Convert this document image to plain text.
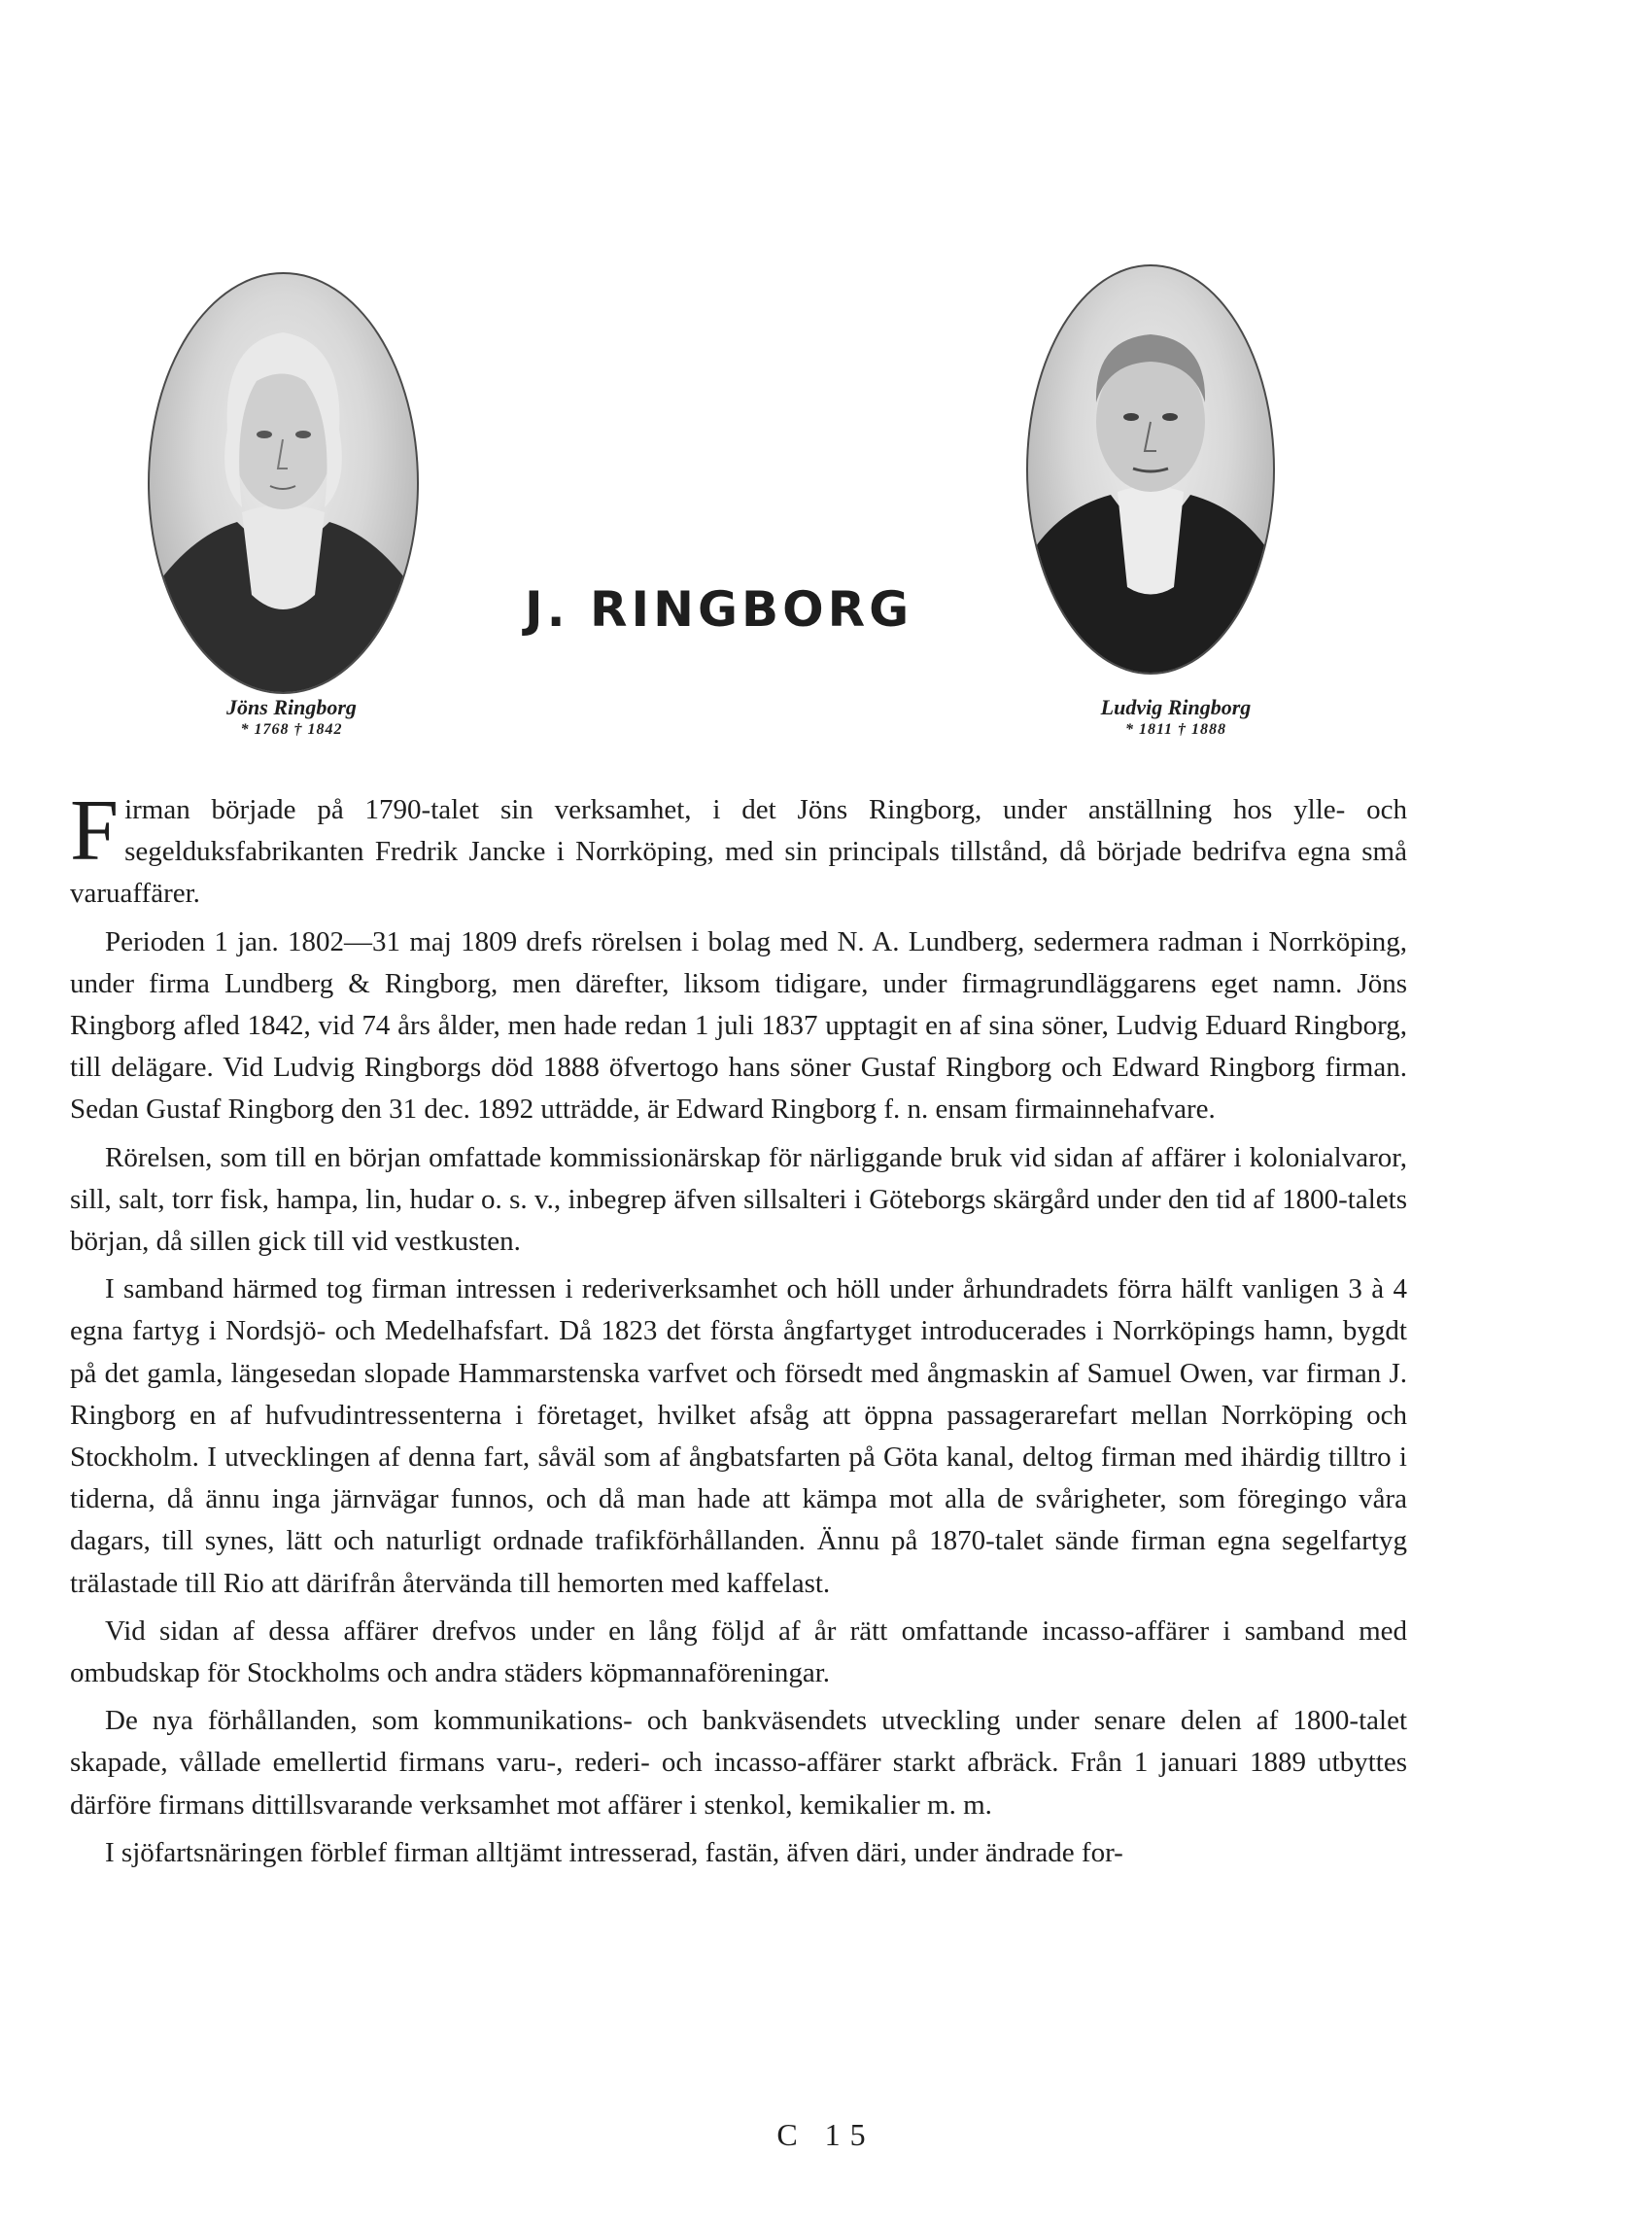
J. RINGBORG
Jöns Ringborg
* 1768 † 1842
Ludvig Ringborg
* 1811 † 1888

Firman började på 1790-talet sin verksamhet, i det Jöns Ringborg, under anställning hos ylle- och segelduksfabrikanten Fredrik Jancke i Norrköping, med sin principals tillstånd, då började bedrifva egna små varuaffärer.

Perioden 1 jan. 1802—31 maj 1809 drefs rörelsen i bolag med N. A. Lundberg, sedermera radman i Norrköping, under firma Lundberg & Ringborg, men därefter, liksom tidigare, under firmagrundläggarens eget namn. Jöns Ringborg afled 1842, vid 74 års ålder, men hade redan 1 juli 1837 upptagit en af sina söner, Ludvig Eduard Ringborg, till delägare. Vid Ludvig Ringborgs död 1888 öfvertogo hans söner Gustaf Ringborg och Edward Ringborg firman. Sedan Gustaf Ringborg den 31 dec. 1892 utträdde, är Edward Ringborg f. n. ensam firmainnehafvare.

Rörelsen, som till en början omfattade kommissionärskap för närliggande bruk vid sidan af affärer i kolonialvaror, sill, salt, torr fisk, hampa, lin, hudar o. s. v., inbegrep äfven sillsalteri i Göteborgs skärgård under den tid af 1800-talets början, då sillen gick till vid vestkusten.

I samband härmed tog firman intressen i rederiverksamhet och höll under århundradets förra hälft vanligen 3 à 4 egna fartyg i Nordsjö- och Medelhafsfart. Då 1823 det första ångfartyget introducerades i Norrköpings hamn, bygdt på det gamla, längesedan slopade Hammarstenska varfvet och försedt med ångmaskin af Samuel Owen, var firman J. Ringborg en af hufvudintressenterna i företaget, hvilket afsåg att öppna passagerarefart mellan Norrköping och Stockholm. I utvecklingen af denna fart, såväl som af ångbatsfarten på Göta kanal, deltog firman med ihärdig tilltro i tiderna, då ännu inga järnvägar funnos, och då man hade att kämpa mot alla de svårigheter, som föregingo våra dagars, till synes, lätt och naturligt ordnade trafikförhållanden. Ännu på 1870-talet sände firman egna segelfartyg trälastade till Rio att därifrån återvända till hemorten med kaffelast.

Vid sidan af dessa affärer drefvos under en lång följd af år rätt omfattande incasso-affärer i samband med ombudskap för Stockholms och andra städers köpmannaföreningar.

De nya förhållanden, som kommunikations- och bankväsendets utveckling under senare delen af 1800-talet skapade, vållade emellertid firmans varu-, rederi- och incasso-affärer starkt afbräck. Från 1 januari 1889 utbyttes därföre firmans dittillsvarande verksamhet mot affärer i stenkol, kemikalier m. m.

I sjöfartsnäringen förblef firman alltjämt intresserad, fastän, äfven däri, under ändrade for-

C 15
